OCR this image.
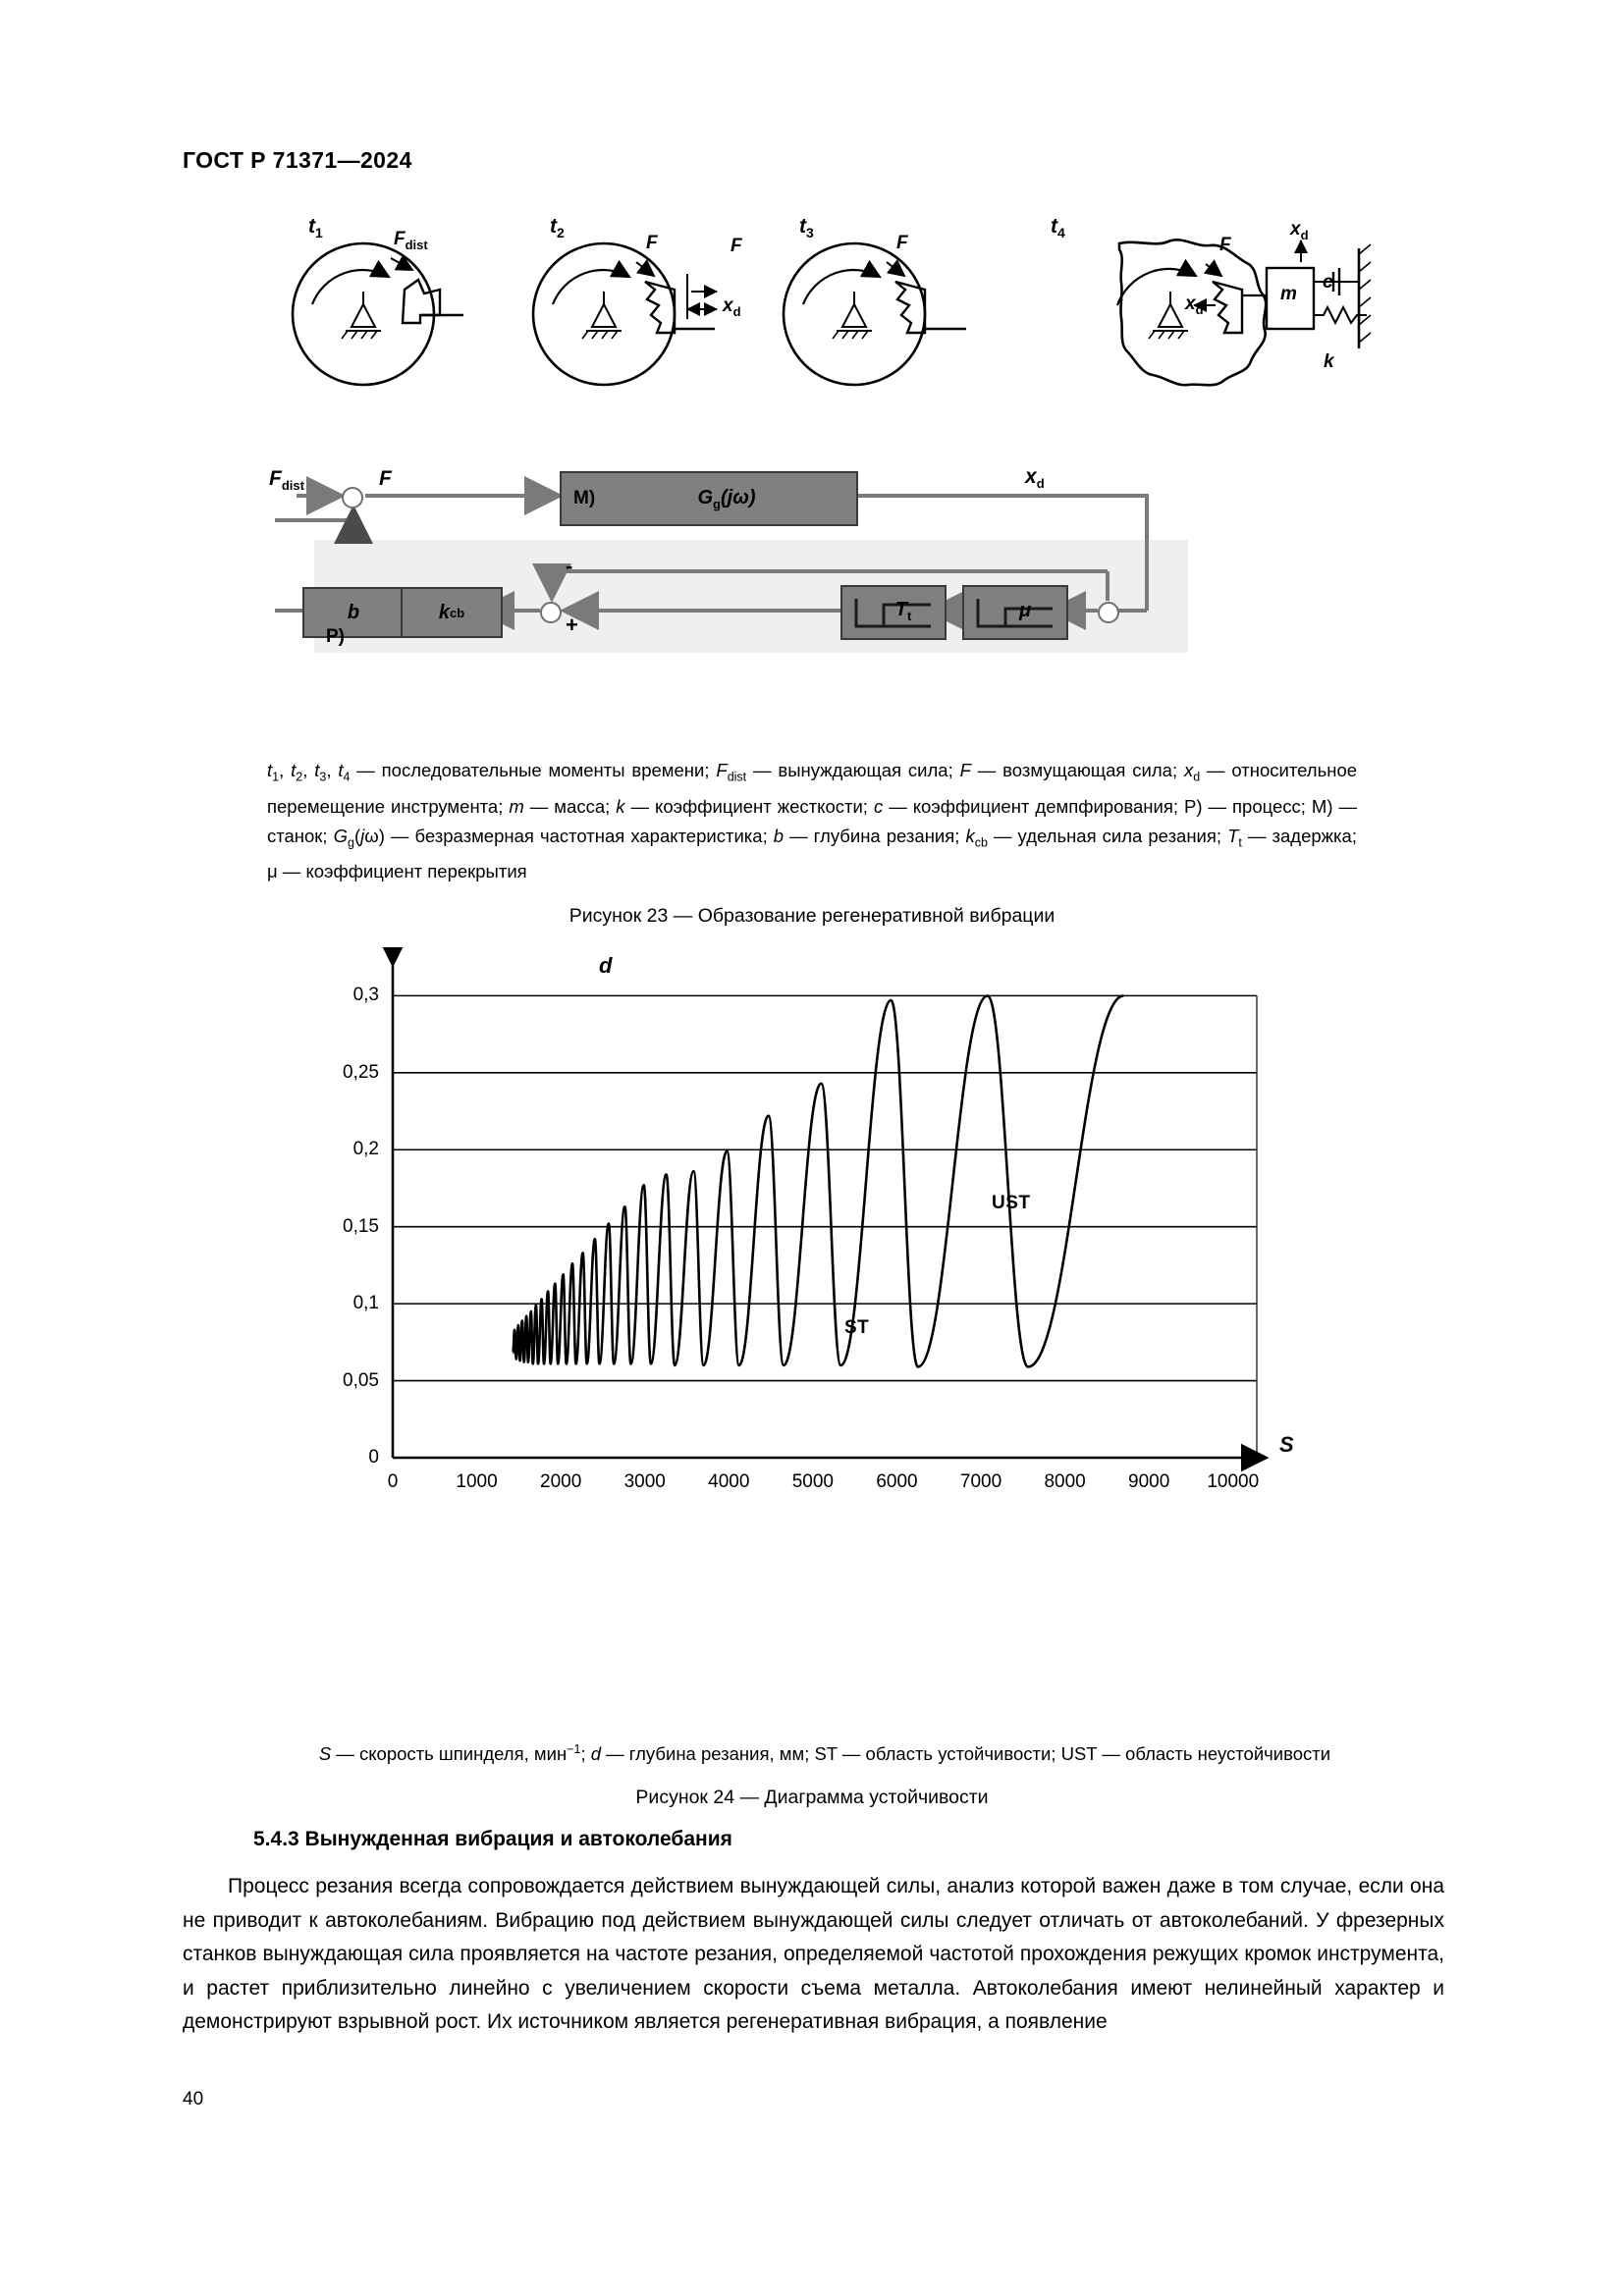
ГОСТ Р 71371—2024
$t_1$	$t_2$	$t_3$	$t_4$
$F_{dist}$	F	F
$x_d$
F	F
$x_d$
$x_d$
m
c
k
M)	$G_g(j\omega)$
b	k cb	$T_t$	μ
-
+
$F_{dist}$	F	$x_d$
P)
$t_1$, $t_2$, $t_3$, $t_4$ — последовательные моменты времени; $F_{dist}$ — вынуждающая сила; F — возмущающая сила; $x_d$ — относительное перемещение инструмента; m — масса; k — коэффициент жесткости; c — коэффициент демпфирования; P) — процесс; M) — станок; $G_g(j\omega)$ — безразмерная частотная характеристика; b — глубина резания; $k_{cb}$ — удельная сила резания; $T_t$ — задержка; μ — коэффициент перекрытия
Рисунок 23 — Образование регенеративной вибрации
d
UST
ST
S
0
0,05
0,1
0,15
0,2
0,25
0,3
0	1000 2000 3000 4000 5000 6000 7000 8000 9000 10000
S — скорость шпинделя, мин$^{-1}$; d — глубина резания, мм; ST — область устойчивости; UST — область неустойчивости
Рисунок 24 — Диаграмма устойчивости
5.4.3 Вынужденная вибрация и автоколебания

Процесс резания всегда сопровождается действием вынуждающей силы, анализ которой важен даже в том случае, если она не приводит к автоколебаниям. Вибрацию под действием вынуждающей силы следует отличать от автоколебаний. У фрезерных станков вынуждающая сила проявляется на частоте резания, определяемой частотой прохождения режущих кромок инструмента, и растет приблизительно линейно с увеличением скорости съема металла. Автоколебания имеют нелинейный характер и демонстрируют взрывной рост. Их источником является регенеративная вибрация, а появление

40
